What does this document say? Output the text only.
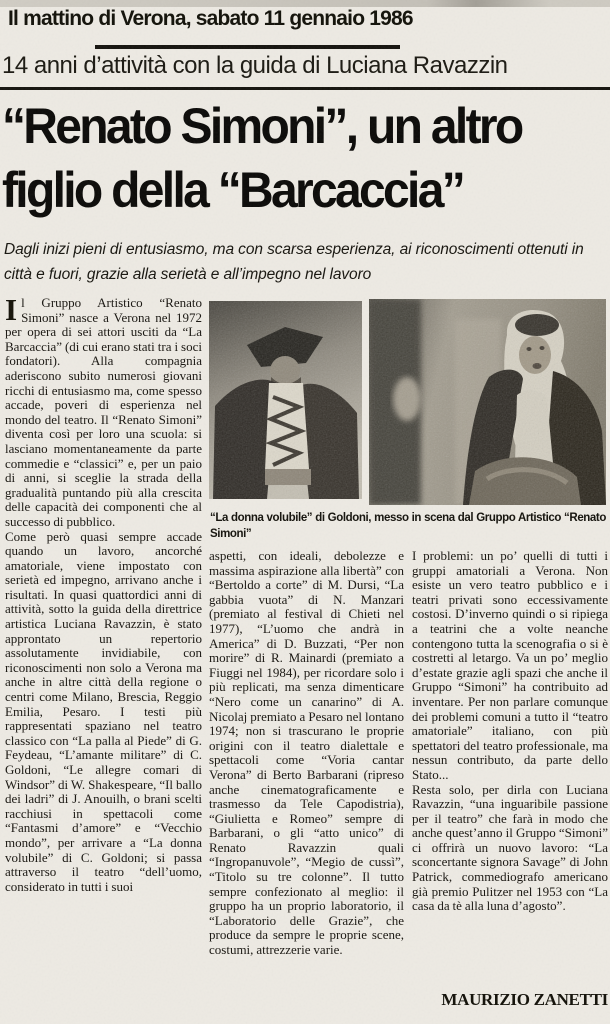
Il mattino di Verona, sabato 11 gennaio 1986
14 anni d’attività con la guida di Luciana Ravazzin
“Renato Simoni”, un altro
figlio della “Barcaccia”
Dagli inizi pieni di entusiasmo, ma con scarsa esperienza, ai riconoscimenti ottenuti in città e fuori, grazie alla serietà e all’impegno nel lavoro

Il Gruppo Artistico “Renato Simoni” nasce a Verona nel 1972 per opera di sei attori usciti da “La Barcaccia” (di cui erano stati tra i soci fondatori). Alla compagnia aderiscono subito numerosi giovani ricchi di entusiasmo ma, come spesso accade, poveri di esperienza nel mondo del teatro. Il “Renato Simoni” diventa così per loro una scuola: si lasciano momentaneamente da parte commedie e “classici” e, per un paio di anni, si sceglie la strada della gradualità puntando più alla crescita delle capacità dei componenti che al successo di pubblico.

Come però quasi sempre accade quando un lavoro, ancorché amatoriale, viene impostato con serietà ed impegno, arrivano anche i risultati. In quasi quattordici anni di attività, sotto la guida della direttrice artistica Luciana Ravazzin, è stato approntato un repertorio assolutamente invidiabile, con riconoscimenti non solo a Verona ma anche in altre città della regione o centri come Milano, Brescia, Reggio Emilia, Pesaro. I testi più rappresentati spaziano nel teatro classico con “La palla al Piede” di G. Feydeau, “L’amante militare” di C. Goldoni, “Le allegre comari di Windsor” di W. Shakespeare, “Il ballo dei ladri” di J. Anouilh, o brani scelti racchiusi in spettacoli come “Fantasmi d’amore” e “Vecchio mondo”, per arrivare a “La donna volubile” di C. Goldoni; si passa attraverso il teatro “dell’uomo, considerato in tutti i suoi

“La donna volubile” di Goldoni, messo in scena dal Gruppo Artistico “Renato Simoni”

aspetti, con ideali, debolezze e massima aspirazione alla libertà” con “Bertoldo a corte” di M. Dursi, “La gabbia vuota” di N. Manzari (premiato al festival di Chieti nel 1977), “L’uomo che andrà in America” di D. Buzzati, “Per non morire” di R. Mainardi (premiato a Fiuggi nel 1984), per ricordare solo i più replicati, ma senza dimenticare “Nero come un canarino” di A. Nicolaj premiato a Pesaro nel lontano 1974; non si trascurano le proprie origini con il teatro dialettale e spettacoli come “Voria cantar Verona” di Berto Barbarani (ripreso anche cinematograficamente e trasmesso da Tele Capodistria), “Giulietta e Romeo” sempre di Barbarani, o gli “atto unico” di Renato Ravazzin quali “Ingropanuvole”, “Megio de cussì”, “Titolo su tre colonne”. Il tutto sempre confezionato al meglio: il gruppo ha un proprio laboratorio, il “Laboratorio delle Grazie”, che produce da sempre le proprie scene, costumi, attrezzerie varie.

I problemi: un po’ quelli di tutti i gruppi amatoriali a Verona. Non esiste un vero teatro pubblico e i teatri privati sono eccessivamente costosi. D’inverno quindi o si ripiega a teatrini che a volte neanche contengono tutta la scenografia o si è costretti al letargo. Va un po’ meglio d’estate grazie agli spazi che anche il Gruppo “Simoni” ha contribuito ad inventare. Per non parlare comunque dei problemi comuni a tutto il “teatro amatoriale” italiano, con più spettatori del teatro professionale, ma nessun contributo, da parte dello Stato...

Resta solo, per dirla con Luciana Ravazzin, “una inguaribile passione per il teatro” che farà in modo che anche quest’anno il Gruppo “Simoni” ci offrirà un nuovo lavoro: “La sconcertante signora Savage” di John Patrick, commediografo americano già premio Pulitzer nel 1953 con “La casa da tè alla luna d’agosto”.

MAURIZIO ZANETTI
